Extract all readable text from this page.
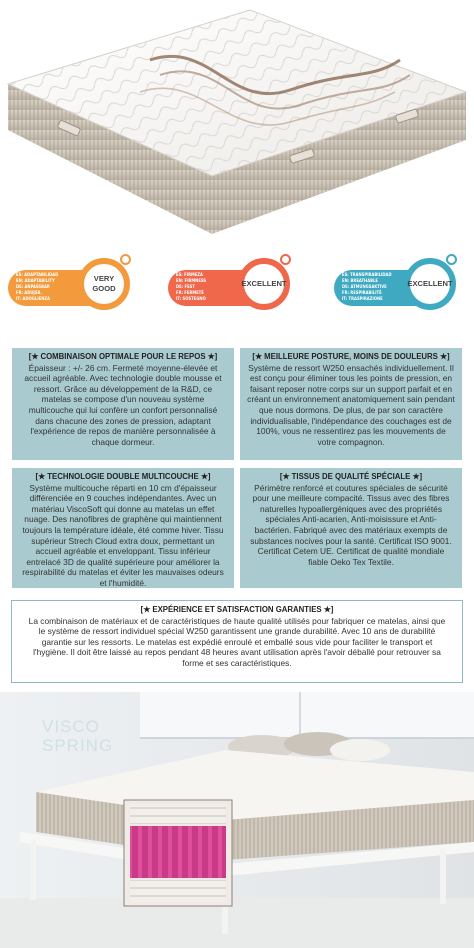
ES: ADAPTABILIDAD
EN: ADAPTABILITY
DE: ANPASSBAR
FR: ADUJSB.
IT: ADOGLIENZA
VERY GOOD
ES: FIRMEZA
EN: FIRMNESS
DE: FEST
FR: FERMETÉ
IT: SOSTEGNO
EXCELLENT
ES: TRANSPIRABILIDAD
EN: BREATHABLE
DE: ATMUNGSAKTIVE
FR: RESPIRABILITÉ
IT: TRASPIRAZIONE
EXCELLENT
[★ COMBINAISON OPTIMALE POUR LE REPOS ★]
Épaisseur : +/- 26 cm. Fermeté moyenne-élevée et accueil agréable. Avec technologie double mousse et ressort. Grâce au développement de la R&D, ce matelas se compose d'un nouveau système multicouche qui lui confère un confort personnalisé dans chacune des zones de pression, adaptant l'expérience de repos de manière personnalisée à chaque dormeur.
[★ MEILLEURE POSTURE, MOINS DE DOULEURS ★]
Système de ressort W250 ensachés individuellement. Il est conçu pour éliminer tous les points de pression, en faisant reposer notre corps sur un support parfait et en créant un environnement anatomiquement sain pendant que nous dormons. De plus, de par son caractère individualisable, l'indépendance des couchages est de 100%, vous ne ressentirez pas les mouvements de votre compagnon.
[★ TECHNOLOGIE DOUBLE MULTICOUCHE ★]
Système multicouche réparti en 10 cm d'épaisseur différenciée en 9 couches indépendantes. Avec un matériau ViscoSoft qui donne au matelas un effet nuage. Des nanofibres de graphène qui maintiennent toujours la température idéale, été comme hiver. Tissu supérieur Strech Cloud extra doux, permettant un accueil agréable et enveloppant. Tissu inférieur entrelacé 3D de qualité supérieure pour améliorer la respirabilité du matelas et éviter les mauvaises odeurs et l'humidité.
[★ TISSUS DE QUALITÉ SPÉCIALE ★]
Périmètre renforcé et coutures spéciales de sécurité pour une meilleure compacité. Tissus avec des fibres naturelles hypoallergéniques avec des propriétés spéciales Anti-acarien, Anti-moisissure et Anti-bactérien. Fabriqué avec des matériaux exempts de substances nocives pour la santé. Certificat ISO 9001. Certificat Cetem UE. Certificat de qualité mondiale fiable Oeko Tex Textile.
[★ EXPÉRIENCE ET SATISFACTION GARANTIES ★]
La combinaison de matériaux et de caractéristiques de haute qualité utilisés pour fabriquer ce matelas, ainsi que le système de ressort individuel spécial W250 garantissent une grande durabilité. Avec 10 ans de durabilité garantie sur les ressorts. Le matelas est expédié enroulé et emballé sous vide pour faciliter le transport et l'hygiène. Il doit être laissé au repos pendant 48 heures avant utilisation après l'avoir déballé pour retrouver sa forme et ses caractéristiques.
VISCO
SPRING
